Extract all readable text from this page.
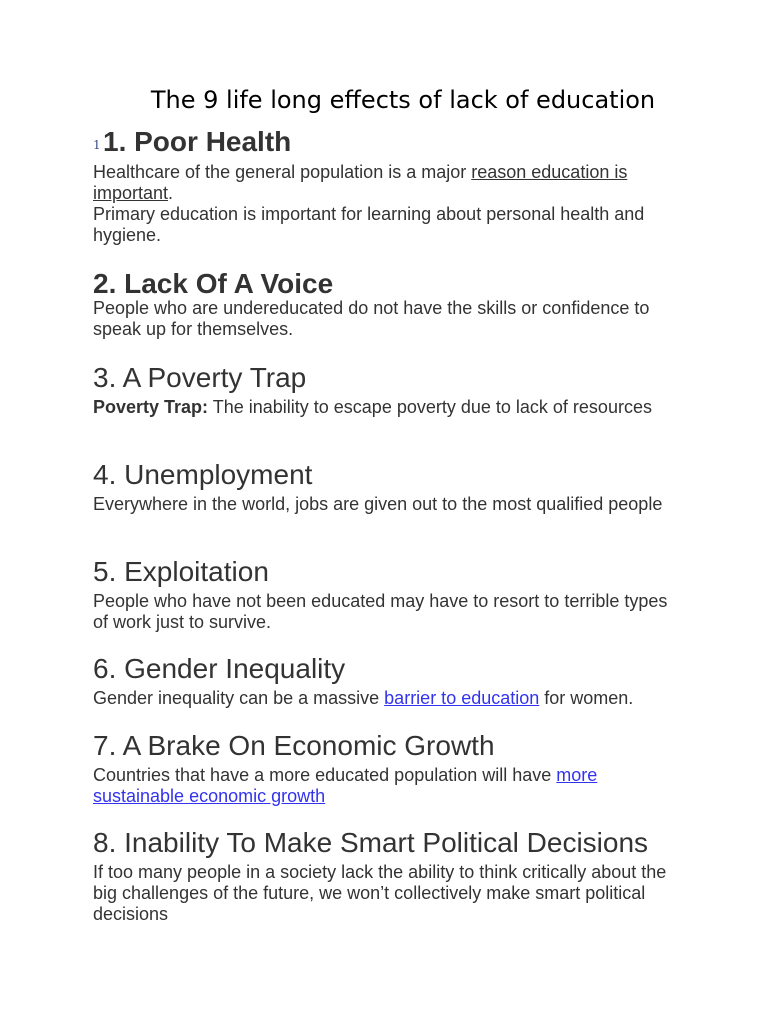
The 9 life long effects of lack of education
1 1. Poor Health

Healthcare of the general population is a major reason education is important.

Primary education is important for learning about personal health and hygiene.

2. Lack Of A Voice

People who are undereducated do not have the skills or confidence to speak up for themselves.

3. A Poverty Trap

Poverty Trap: The inability to escape poverty due to lack of resources

4. Unemployment

Everywhere in the world, jobs are given out to the most qualified people

5. Exploitation

People who have not been educated may have to resort to terrible types of work just to survive.

6. Gender Inequality

Gender inequality can be a massive barrier to education for women.

7. A Brake On Economic Growth

Countries that have a more educated population will have more sustainable economic growth

8. Inability To Make Smart Political Decisions

If too many people in a society lack the ability to think critically about the big challenges of the future, we won’t collectively make smart political decisions
